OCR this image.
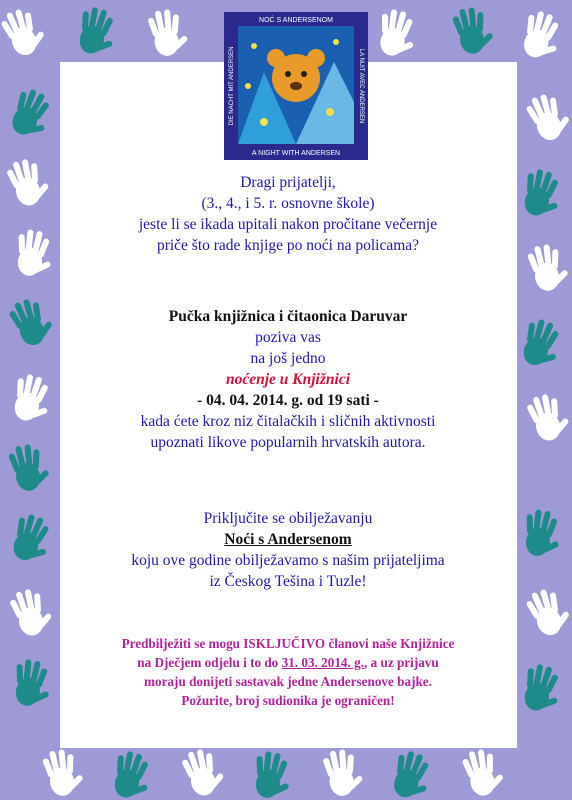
NOĆ S ANDERSENOM
A NIGHT WITH ANDERSEN
DIE NACHT MIT ANDERSEN	LA NUIT AVEC ANDERSEN
Dragi prijatelji,
(3., 4., i 5. r. osnovne škole)
jeste li se ikada upitali nakon pročitane večernje
priče što rade knjige po noći na policama?
Pučka knjižnica i čitaonica Daruvar
poziva vas
na još jedno
noćenje u Knjižnici
- 04. 04. 2014. g. od 19 sati -
kada ćete kroz niz čitalačkih i sličnih aktivnosti
upoznati likove popularnih hrvatskih autora.
Priključite se obilježavanju
Noći s Andersenom
koju ove godine obilježavamo s našim prijateljima
iz Českog Tešina i Tuzle!
Predbilježiti se mogu ISKLJUČIVO članovi naše Knjižnice
na Dječjem odjelu i to do 31. 03. 2014. g., a uz prijavu
moraju donijeti sastavak jedne Andersenove bajke.
Požurite, broj sudionika je ograničen!
